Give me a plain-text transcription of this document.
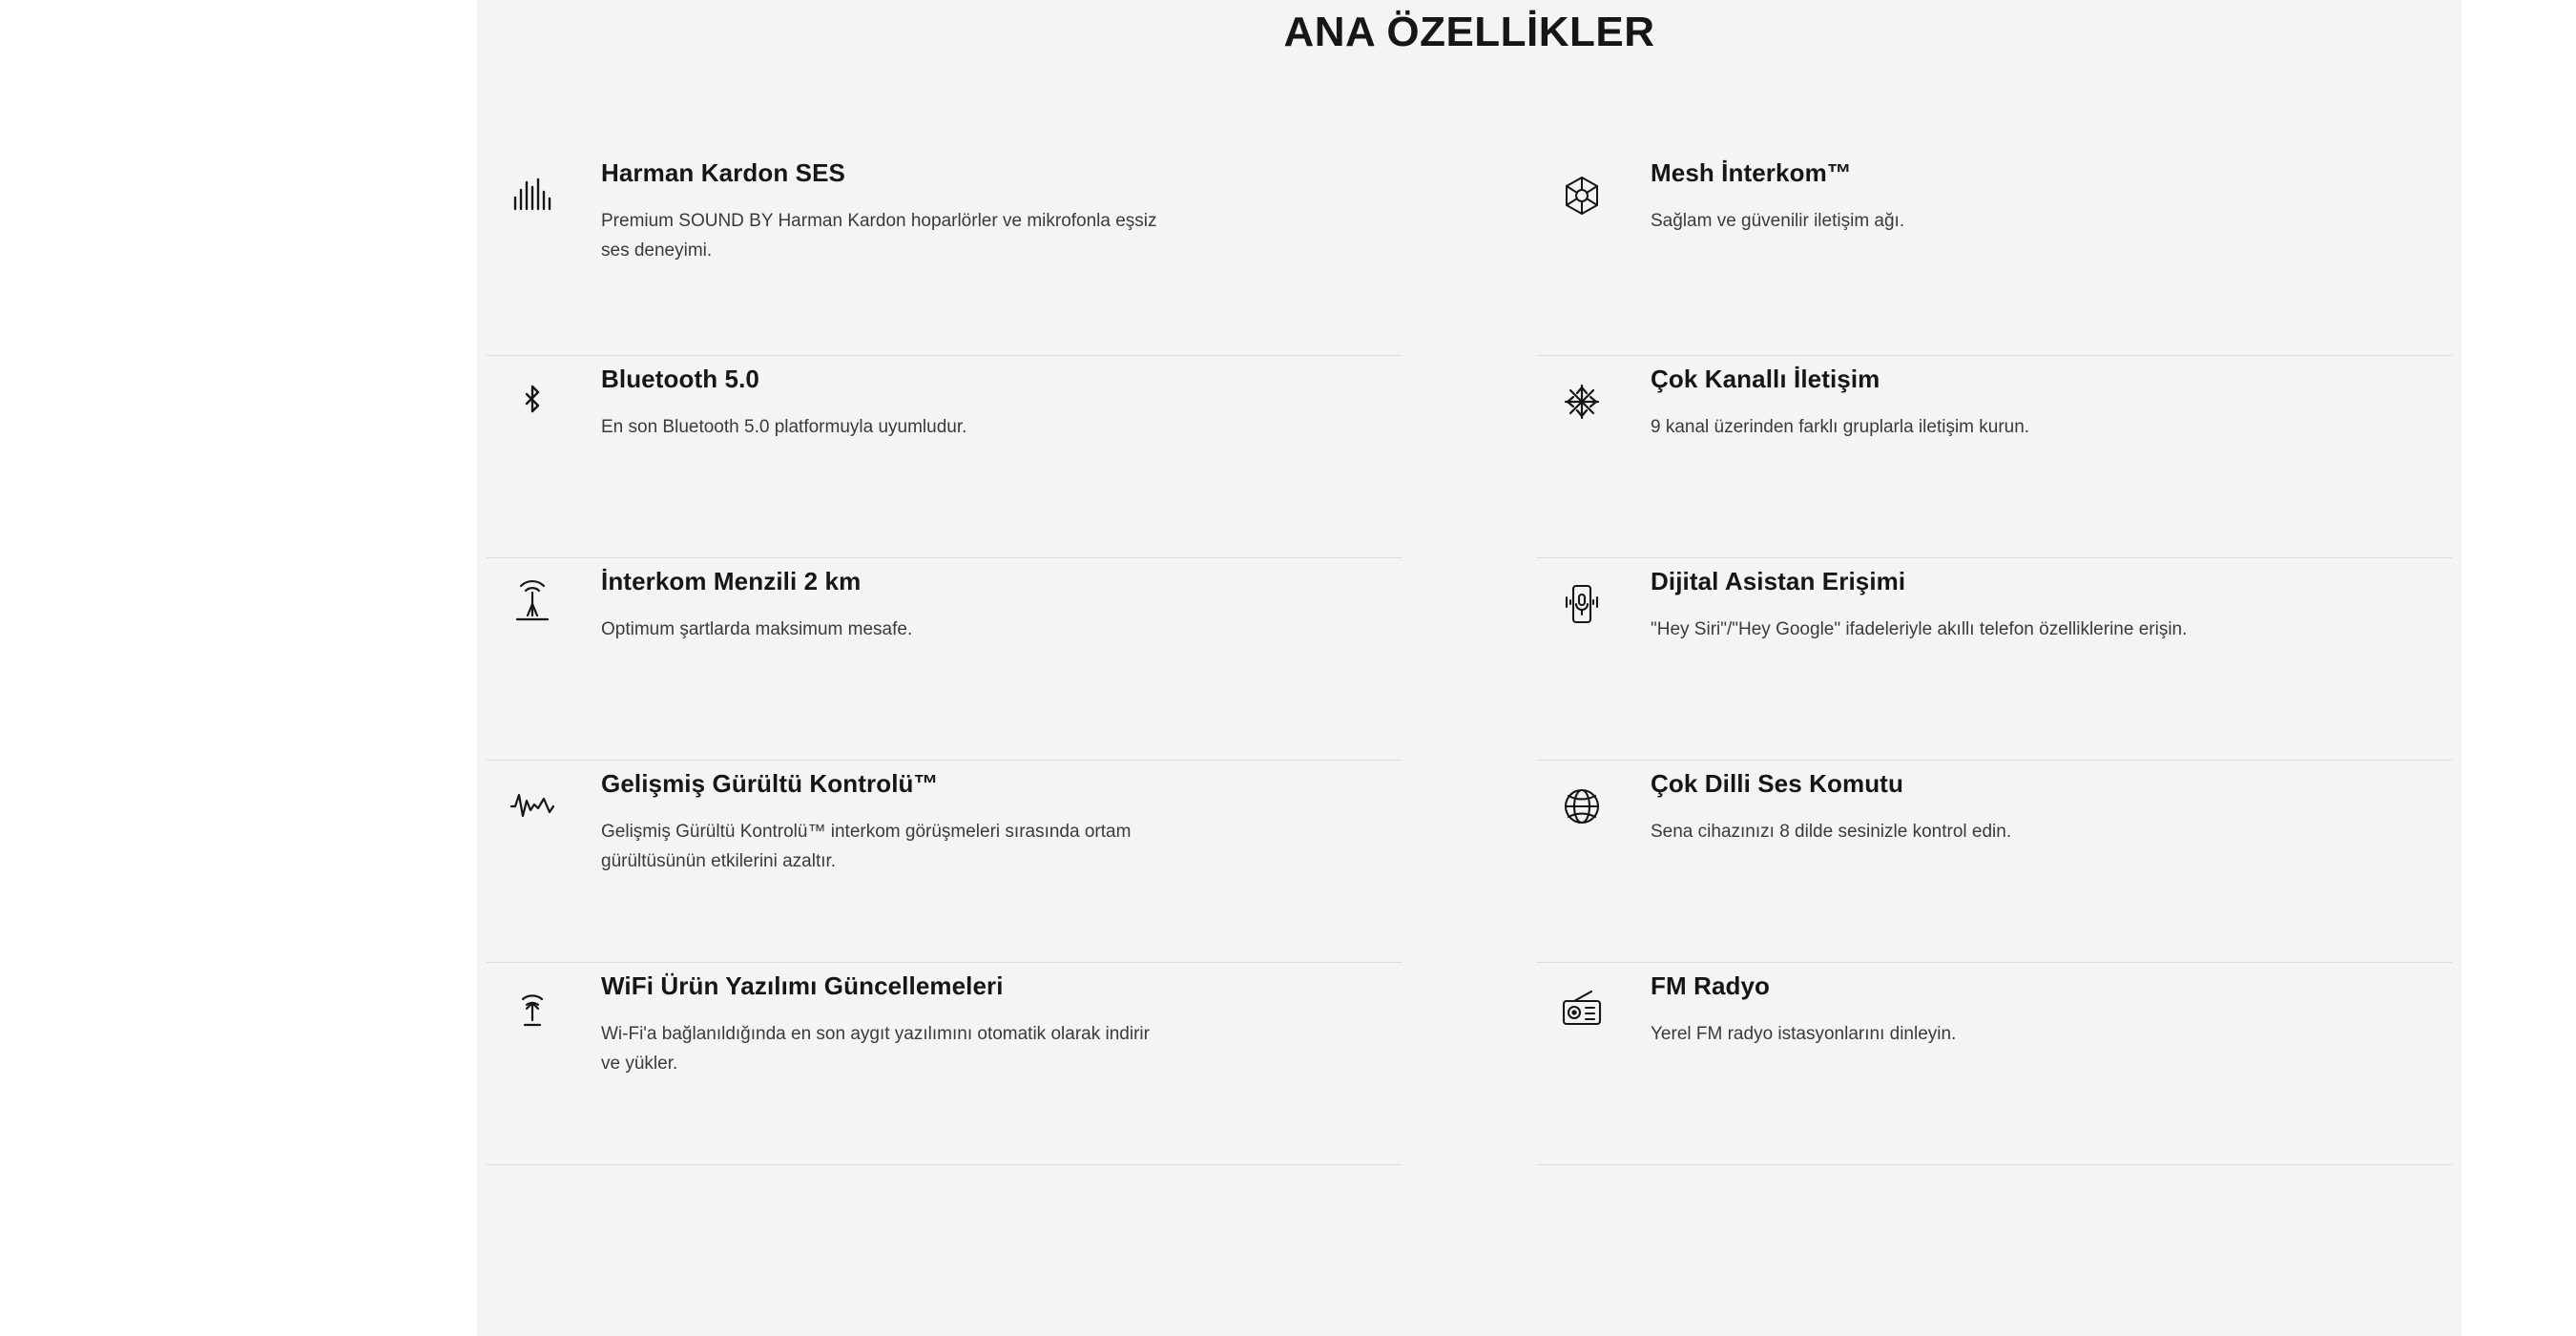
ANA ÖZELLİKLER
Harman Kardon SES

Premium SOUND BY Harman Kardon hoparlörler ve mikrofonla eşsiz ses deneyimi.

Bluetooth 5.0

En son Bluetooth 5.0 platformuyla uyumludur.

İnterkom Menzili 2 km

Optimum şartlarda maksimum mesafe.

Gelişmiş Gürültü Kontrolü™

Gelişmiş Gürültü Kontrolü™ interkom görüşmeleri sırasında ortam gürültüsünün etkilerini azaltır.

WiFi Ürün Yazılımı Güncellemeleri

Wi-Fi'a bağlanıldığında en son aygıt yazılımını otomatik olarak indirir ve yükler.

Mesh İnterkom™

Sağlam ve güvenilir iletişim ağı.

Çok Kanallı İletişim

9 kanal üzerinden farklı gruplarla iletişim kurun.

Dijital Asistan Erişimi

"Hey Siri"/"Hey Google" ifadeleriyle akıllı telefon özelliklerine erişin.

Çok Dilli Ses Komutu

Sena cihazınızı 8 dilde sesinizle kontrol edin.

FM Radyo

Yerel FM radyo istasyonlarını dinleyin.
